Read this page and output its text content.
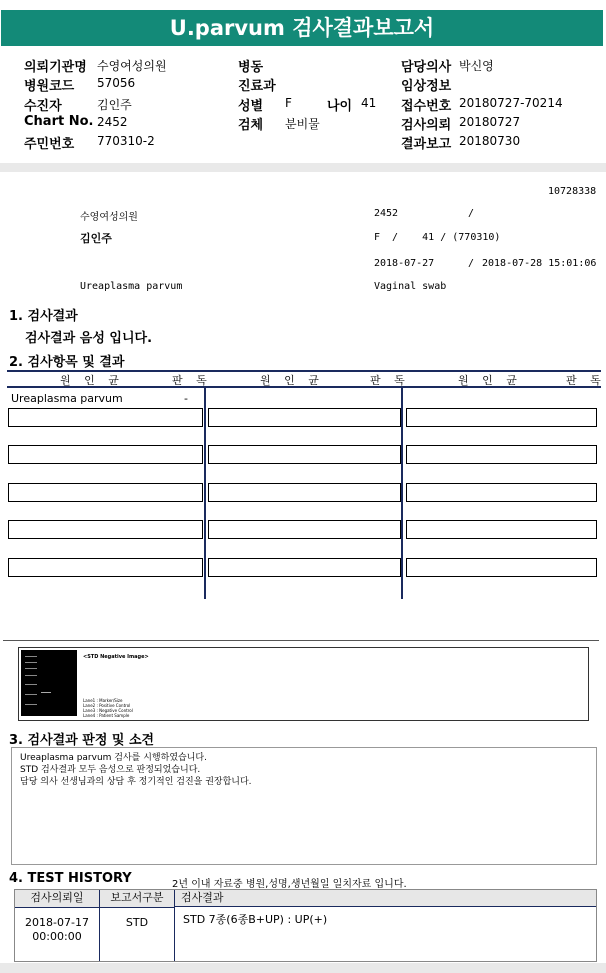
U.parvum 검사결과보고서
의뢰기관명 수영여성의원
병원코드 57056
수진자	김인주
Chart No. 2452
주민번호 770310-2
병동
진료과
성별 F	나이 41
검체 분비물
담당의사 박신영
임상정보
접수번호 20180727-70214
검사의뢰 20180727
결과보고 20180730
10728338
수영여성의원	2452	/
김인주	F  /    41 / (770310)
2018-07-27	/ 2018-07-28 15:01:06
Ureaplasma parvum	Vaginal swab
1. 검사결과
검사결과 음성 입니다.
2. 검사항목 및 결과
원 인 균	판 독	원 인 균	판 독	원 인 균	판 독
Ureaplasma parvum	-
<STD Negative Image>
Lane1 : Marker/Size
Lane2 : Positive Control
Lane3 : Negative Control
Lane4 : Patient Sample
3. 검사결과 판정 및 소견
Ureaplasma parvum 검사를 시행하였습니다.
STD 검사결과 모두 음성으로 판정되었습니다.
담당 의사 선생님과의 상담 후 정기적인 검진을 권장합니다.
4. TEST HISTORY	2년 이내 자료중 병원,성명,생년월일 일치자료 입니다.
검사의뢰일	보고서구분	검사결과
2018-07-17
00:00:00
STD	STD 7종(6종B+UP) : UP(+)
